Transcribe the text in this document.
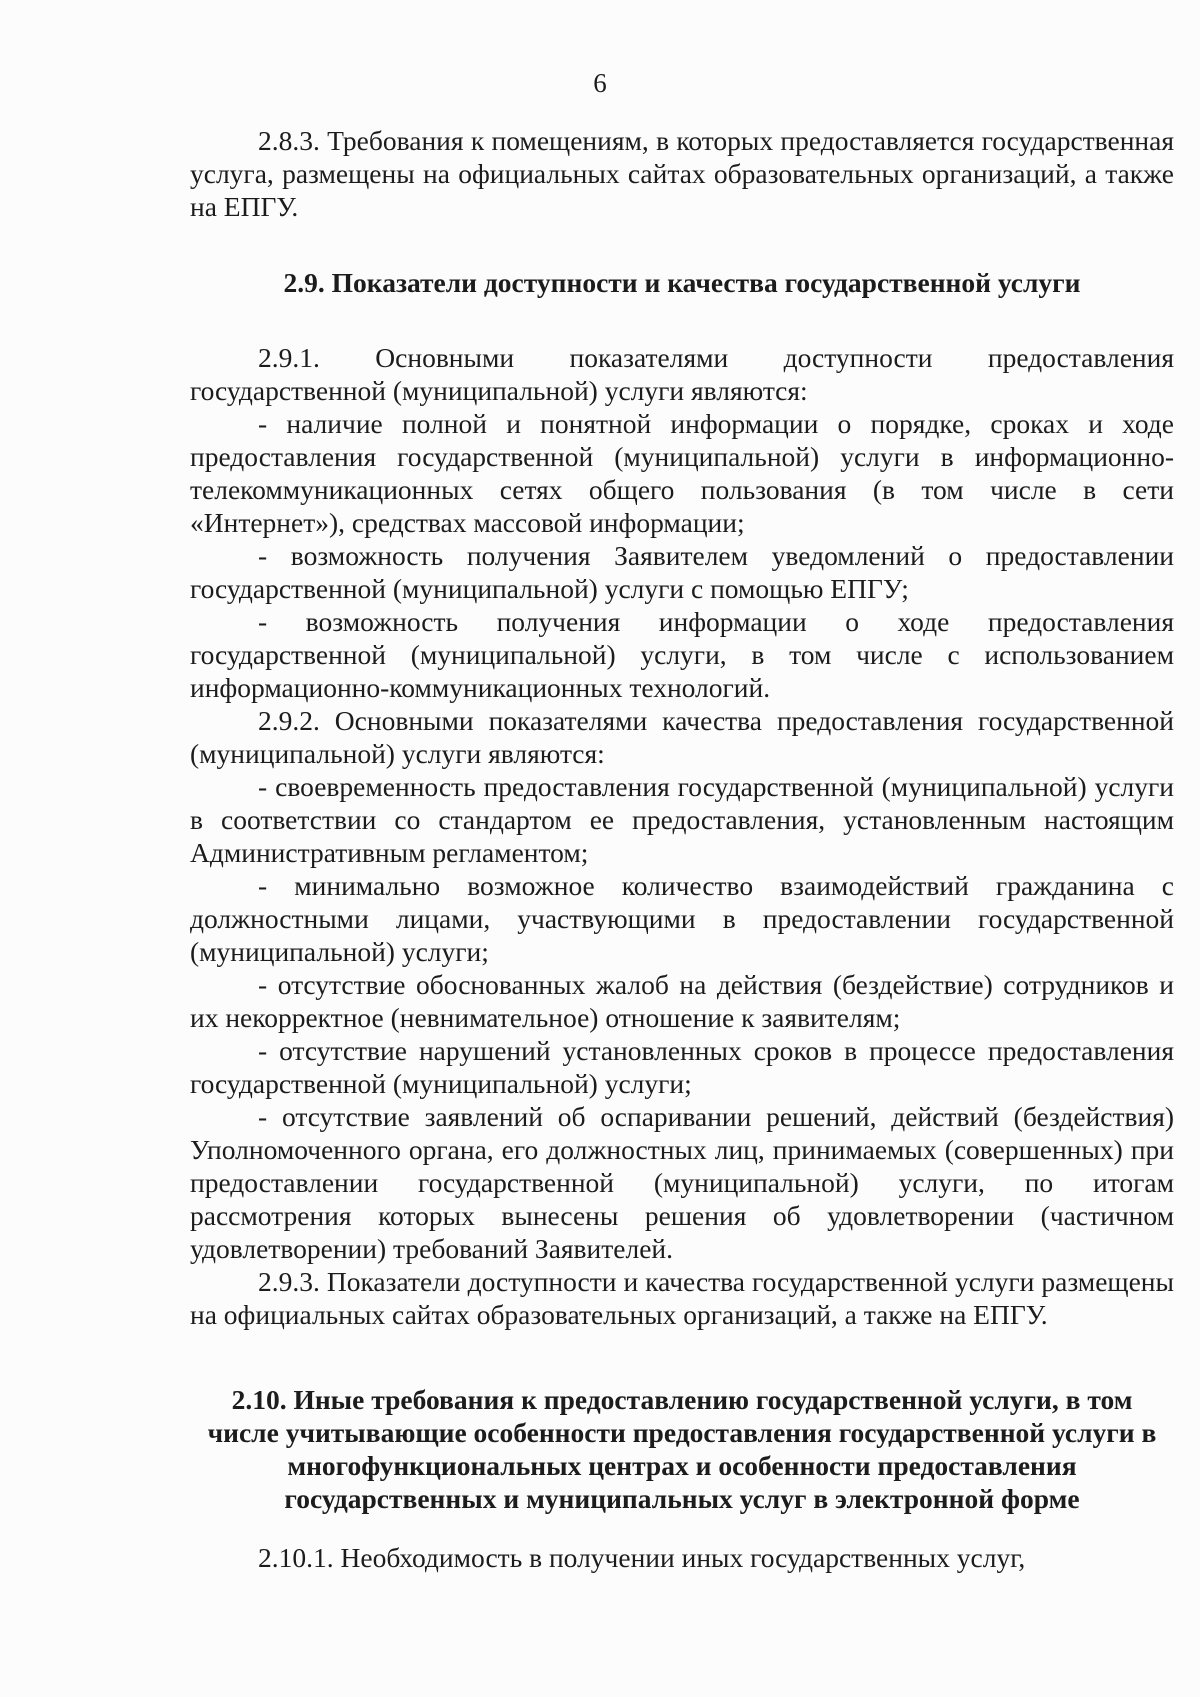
6

2.8.3. Требования к помещениям, в которых предоставляется государственная услуга, размещены на официальных сайтах образовательных организаций, а также на ЕПГУ.

2.9. Показатели доступности и качества государственной услуги

2.9.1. Основными показателями доступности предоставления государственной (муниципальной) услуги являются:

- наличие полной и понятной информации о порядке, сроках и ходе предоставления государственной (муниципальной) услуги в информационно-телекоммуникационных сетях общего пользования (в том числе в сети «Интернет»), средствах массовой информации;

- возможность получения Заявителем уведомлений о предоставлении государственной (муниципальной) услуги с помощью ЕПГУ;

- возможность получения информации о ходе предоставления государственной (муниципальной) услуги, в том числе с использованием информационно-коммуникационных технологий.

2.9.2. Основными показателями качества предоставления государственной (муниципальной) услуги являются:

- своевременность предоставления государственной (муниципальной) услуги в соответствии со стандартом ее предоставления, установленным настоящим Административным регламентом;

- минимально возможное количество взаимодействий гражданина с должностными лицами, участвующими в предоставлении государственной (муниципальной) услуги;

- отсутствие обоснованных жалоб на действия (бездействие) сотрудников и их некорректное (невнимательное) отношение к заявителям;

- отсутствие нарушений установленных сроков в процессе предоставления государственной (муниципальной) услуги;

- отсутствие заявлений об оспаривании решений, действий (бездействия) Уполномоченного органа, его должностных лиц, принимаемых (совершенных) при предоставлении государственной (муниципальной) услуги, по итогам рассмотрения которых вынесены решения об удовлетворении (частичном удовлетворении) требований Заявителей.

2.9.3. Показатели доступности и качества государственной услуги размещены на официальных сайтах образовательных организаций, а также на ЕПГУ.

2.10. Иные требования к предоставлению государственной услуги, в том числе учитывающие особенности предоставления государственной услуги в многофункциональных центрах и особенности предоставления государственных и муниципальных услуг в электронной форме

2.10.1. Необходимость в получении иных государственных услуг,
